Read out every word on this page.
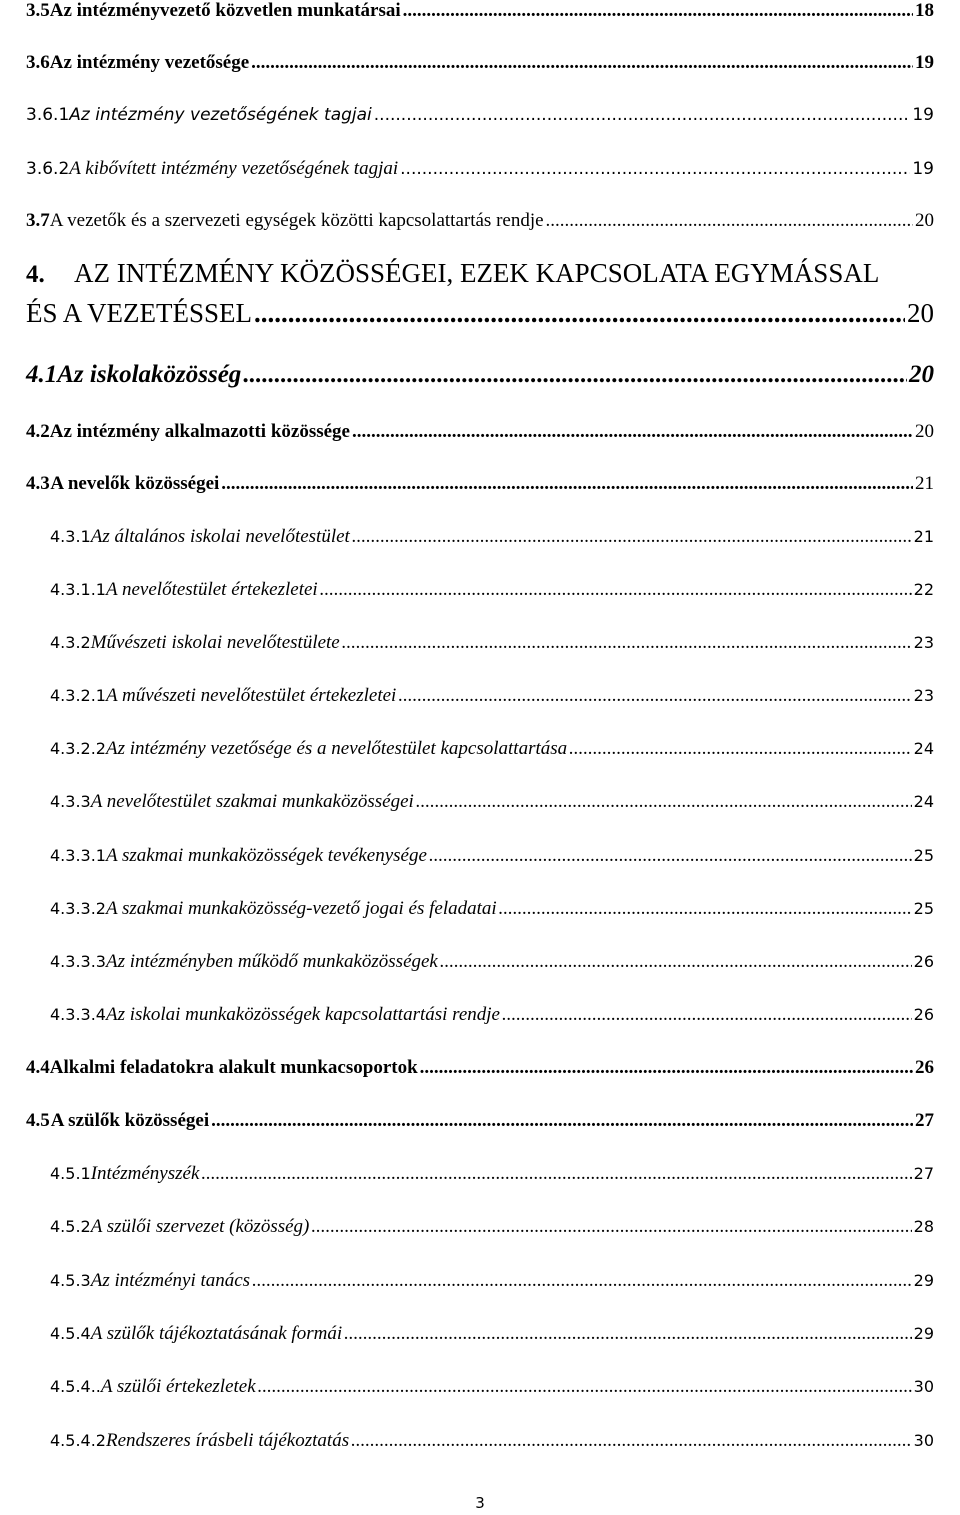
3.5 Az intézményvezető közvetlen munkatársai .....	18
3.6 Az intézmény vezetősége .....	19
3.6.1 Az intézmény vezetőségének tagjai .....	19
3.6.2 A kibővített intézmény vezetőségének tagjai .....	19
3.7 A vezetők és a szervezeti egységek közötti kapcsolattartás rendje .....	20
4.	AZ INTÉZMÉNY KÖZÖSSÉGEI, EZEK KAPCSOLATA EGYMÁSSAL
ÉS A VEZETÉSSEL .....	20
4.1 Az iskolaközösség .....	20
4.2 Az intézmény alkalmazotti közössége .....	20
4.3 A nevelők közösségei .....	21
4.3.1 Az általános iskolai nevelőtestület .....	21
4.3.1.1 A nevelőtestület értekezletei .....	22
4.3.2 Művészeti iskolai nevelőtestülete .....	23
4.3.2.1 A művészeti nevelőtestület értekezletei .....	23
4.3.2.2 Az intézmény vezetősége és a nevelőtestület kapcsolattartása .....	24
4.3.3 A nevelőtestület szakmai munkaközösségei .....	24
4.3.3.1 A szakmai munkaközösségek tevékenysége .....	25
4.3.3.2 A szakmai munkaközösség-vezető jogai és feladatai .....	25
4.3.3.3 Az intézményben működő munkaközösségek .....	26
4.3.3.4 Az iskolai munkaközösségek kapcsolattartási rendje .....	26
4.4 Alkalmi feladatokra alakult munkacsoportok .....	26
4.5 A szülők közösségei .....	27
4.5.1 Intézményszék .....	27
4.5.2 A szülői szervezet (közösség) .....	28
4.5.3 Az intézményi tanács .....	29
4.5.4 A szülők tájékoztatásának formái .....	29
4.5.4.. A szülői értekezletek .....	30
4.5.4.2 Rendszeres írásbeli tájékoztatás .....	30
3
